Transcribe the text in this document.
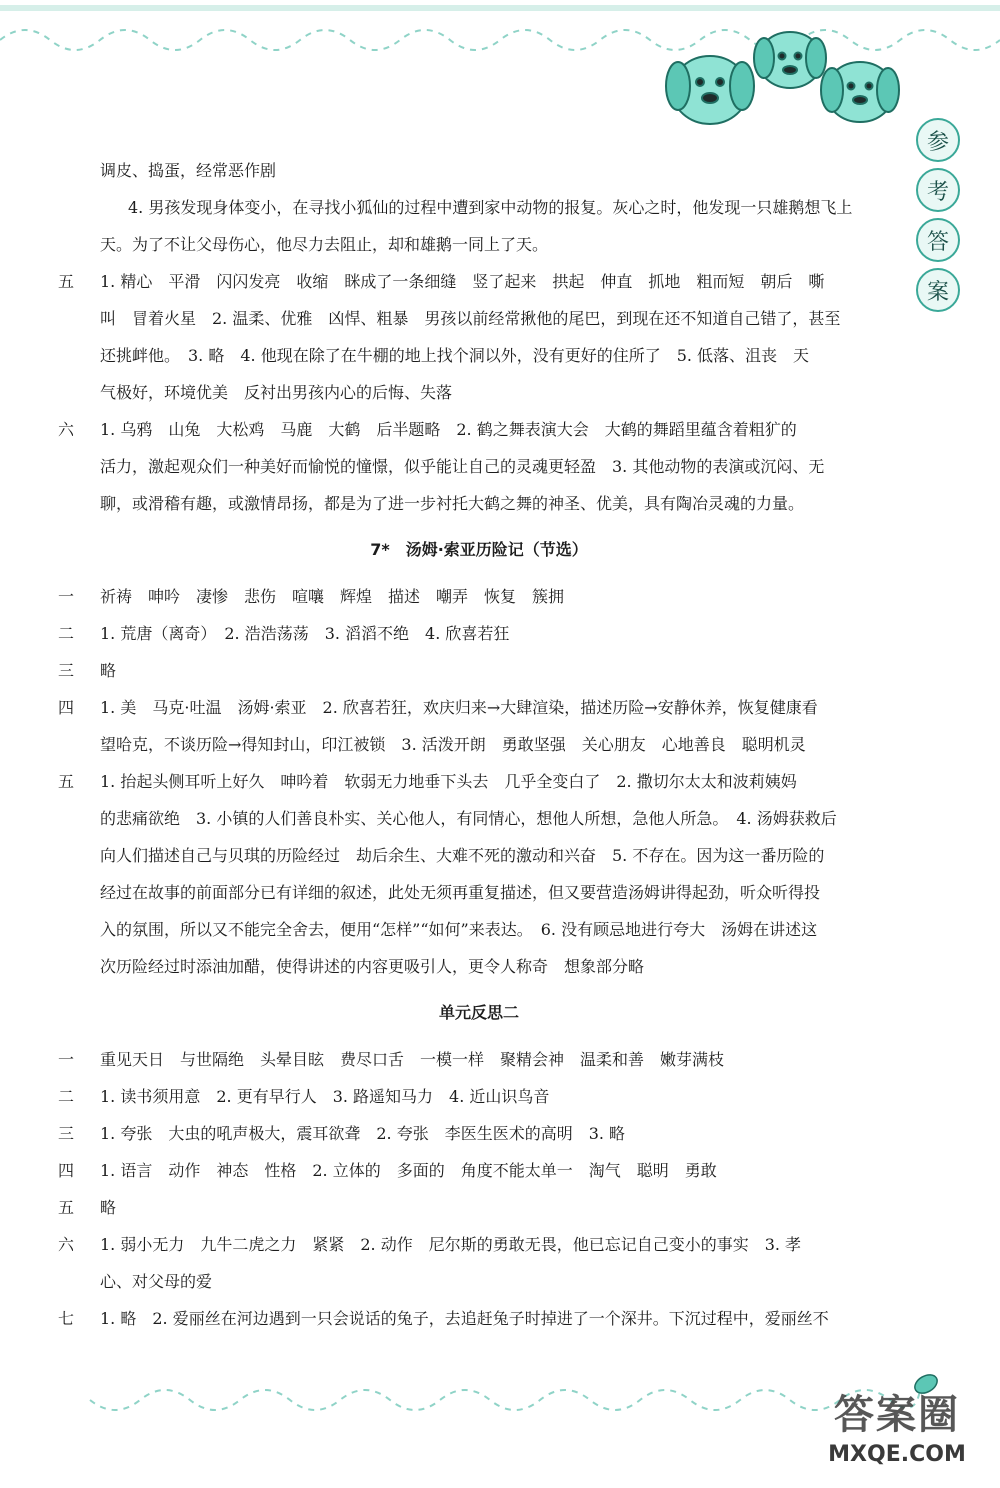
参
考
答
案
调皮、捣蛋，经常恶作剧
4. 男孩发现身体变小，在寻找小狐仙的过程中遭到家中动物的报复。灰心之时，他发现一只雄鹅想飞上
天。为了不让父母伤心，他尽力去阻止，却和雄鹅一同上了天。
五 1. 精心　平滑　闪闪发亮　收缩　眯成了一条细缝　竖了起来　拱起　伸直　抓地　粗而短　朝后　嘶
叫　冒着火星　2. 温柔、优雅　凶悍、粗暴　男孩以前经常揪他的尾巴，到现在还不知道自己错了，甚至
还挑衅他。　3. 略　4. 他现在除了在牛棚的地上找个洞以外，没有更好的住所了　5. 低落、沮丧　天
气极好，环境优美　反衬出男孩内心的后悔、失落
六 1. 乌鸦　山兔　大松鸡　马鹿　大鹤　后半题略　2. 鹤之舞表演大会　大鹤的舞蹈里蕴含着粗犷的
活力，激起观众们一种美好而愉悦的憧憬，似乎能让自己的灵魂更轻盈　3. 其他动物的表演或沉闷、无
聊，或滑稽有趣，或激情昂扬，都是为了进一步衬托大鹤之舞的神圣、优美，具有陶冶灵魂的力量。
7*　汤姆·索亚历险记（节选）
一 祈祷　呻吟　凄惨　悲伤　喧嚷　辉煌　描述　嘲弄　恢复　簇拥
二 1. 荒唐（离奇）　2. 浩浩荡荡　3. 滔滔不绝　4. 欣喜若狂
三 略
四 1. 美　马克·吐温　汤姆·索亚　2. 欣喜若狂，欢庆归来→大肆渲染，描述历险→安静休养，恢复健康看
望哈克，不谈历险→得知封山，印江被锁　3. 活泼开朗　勇敢坚强　关心朋友　心地善良　聪明机灵
五 1. 抬起头侧耳听上好久　呻吟着　软弱无力地垂下头去　几乎全变白了　2. 撒切尔太太和波莉姨妈
的悲痛欲绝　3. 小镇的人们善良朴实、关心他人，有同情心，想他人所想，急他人所急。　4. 汤姆获救后
向人们描述自己与贝琪的历险经过　劫后余生、大难不死的激动和兴奋　5. 不存在。因为这一番历险的
经过在故事的前面部分已有详细的叙述，此处无须再重复描述，但又要营造汤姆讲得起劲，听众听得投
入的氛围，所以又不能完全舍去，便用“怎样”“如何”来表达。　6. 没有顾忌地进行夸大　汤姆在讲述这
次历险经过时添油加醋，使得讲述的内容更吸引人，更令人称奇　想象部分略
单元反思二
一 重见天日　与世隔绝　头晕目眩　费尽口舌　一模一样　聚精会神　温柔和善　嫩芽满枝
二 1. 读书须用意　2. 更有早行人　3. 路遥知马力　4. 近山识鸟音
三 1. 夸张　大虫的吼声极大，震耳欲聋　2. 夸张　李医生医术的高明　3. 略
四 1. 语言　动作　神态　性格　2. 立体的　多面的　角度不能太单一　淘气　聪明　勇敢
五 略
六 1. 弱小无力　九牛二虎之力　紧紧　2. 动作　尼尔斯的勇敢无畏，他已忘记自己变小的事实　3. 孝
心、对父母的爱
七 1. 略　2. 爱丽丝在河边遇到一只会说话的兔子，去追赶兔子时掉进了一个深井。下沉过程中，爱丽丝不
答案圈
MXQE.COM
